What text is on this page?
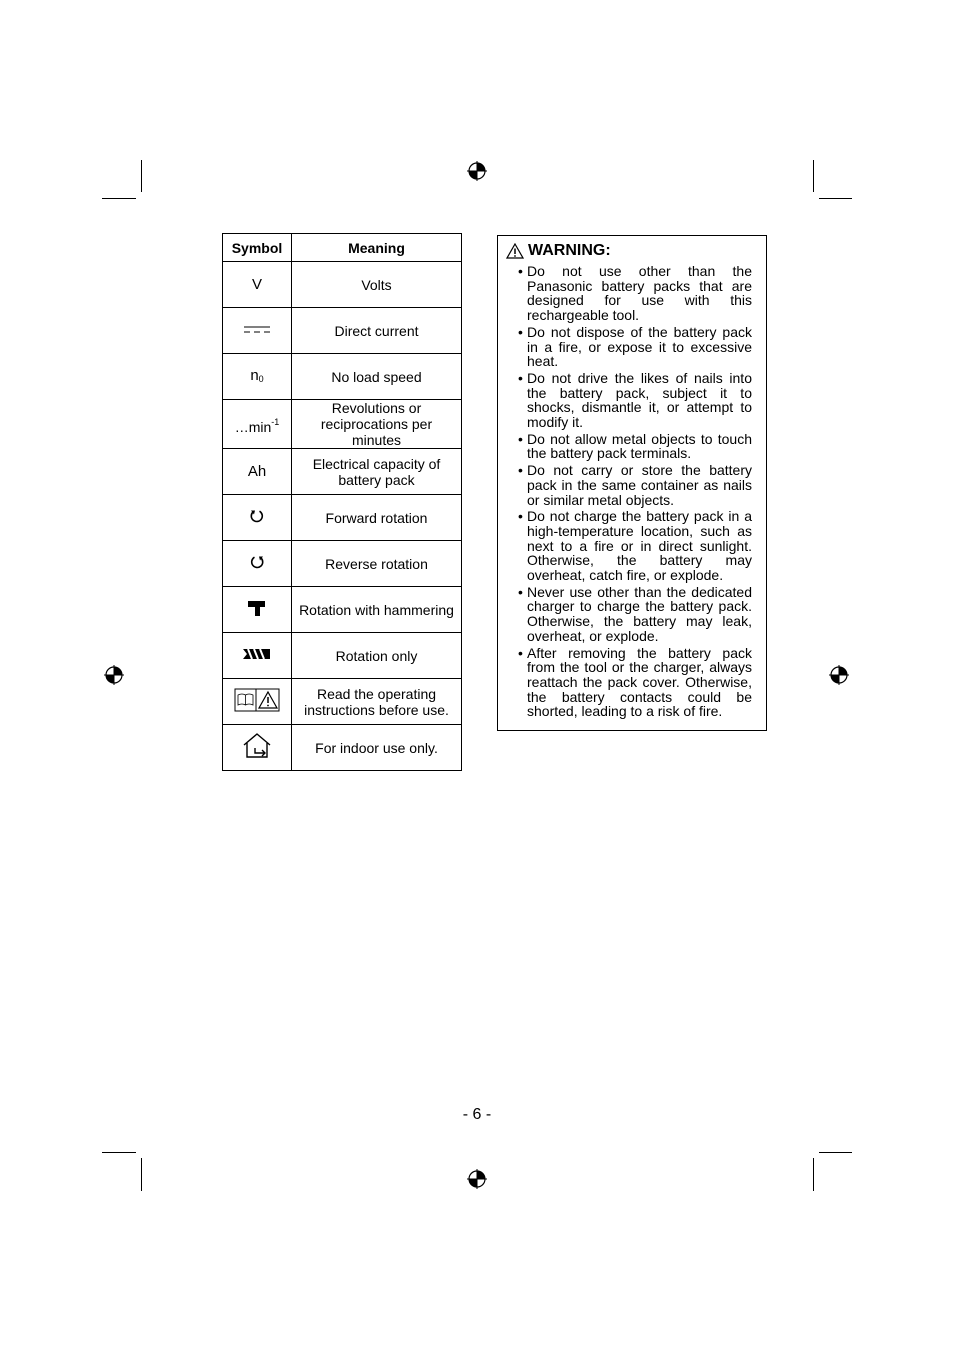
Symbol	Meaning
V	Volts
	Direct current
n0	No load speed
$\dots\min^{-1}$	Revolutions or
reciprocations per minutes
Ah	Electrical capacity of
battery pack
	Forward rotation
	Reverse rotation
	Rotation with hammering
	Rotation only
	Read the operating
instructions before use.
	For indoor use only.
WARNING:
• Do not use other than the Panasonic battery packs that are designed for use with this rechargeable tool.
• Do not dispose of the battery pack in a fire, or expose it to excessive heat.
• Do not drive the likes of nails into the battery pack, subject it to shocks, dismantle it, or attempt to modify it.
• Do not allow metal objects to touch the battery pack terminals.
• Do not carry or store the battery pack in the same container as nails or similar metal objects.
• Do not charge the battery pack in a high-temperature location, such as next to a fire or in direct sunlight. Otherwise, the battery may overheat, catch fire, or explode.
• Never use other than the dedicated charger to charge the battery pack. Otherwise, the battery may leak, overheat, or explode.
• After removing the battery pack from the tool or the charger, always reattach the pack cover. Otherwise, the battery contacts could be shorted, leading to a risk of fire.
- 6 -
